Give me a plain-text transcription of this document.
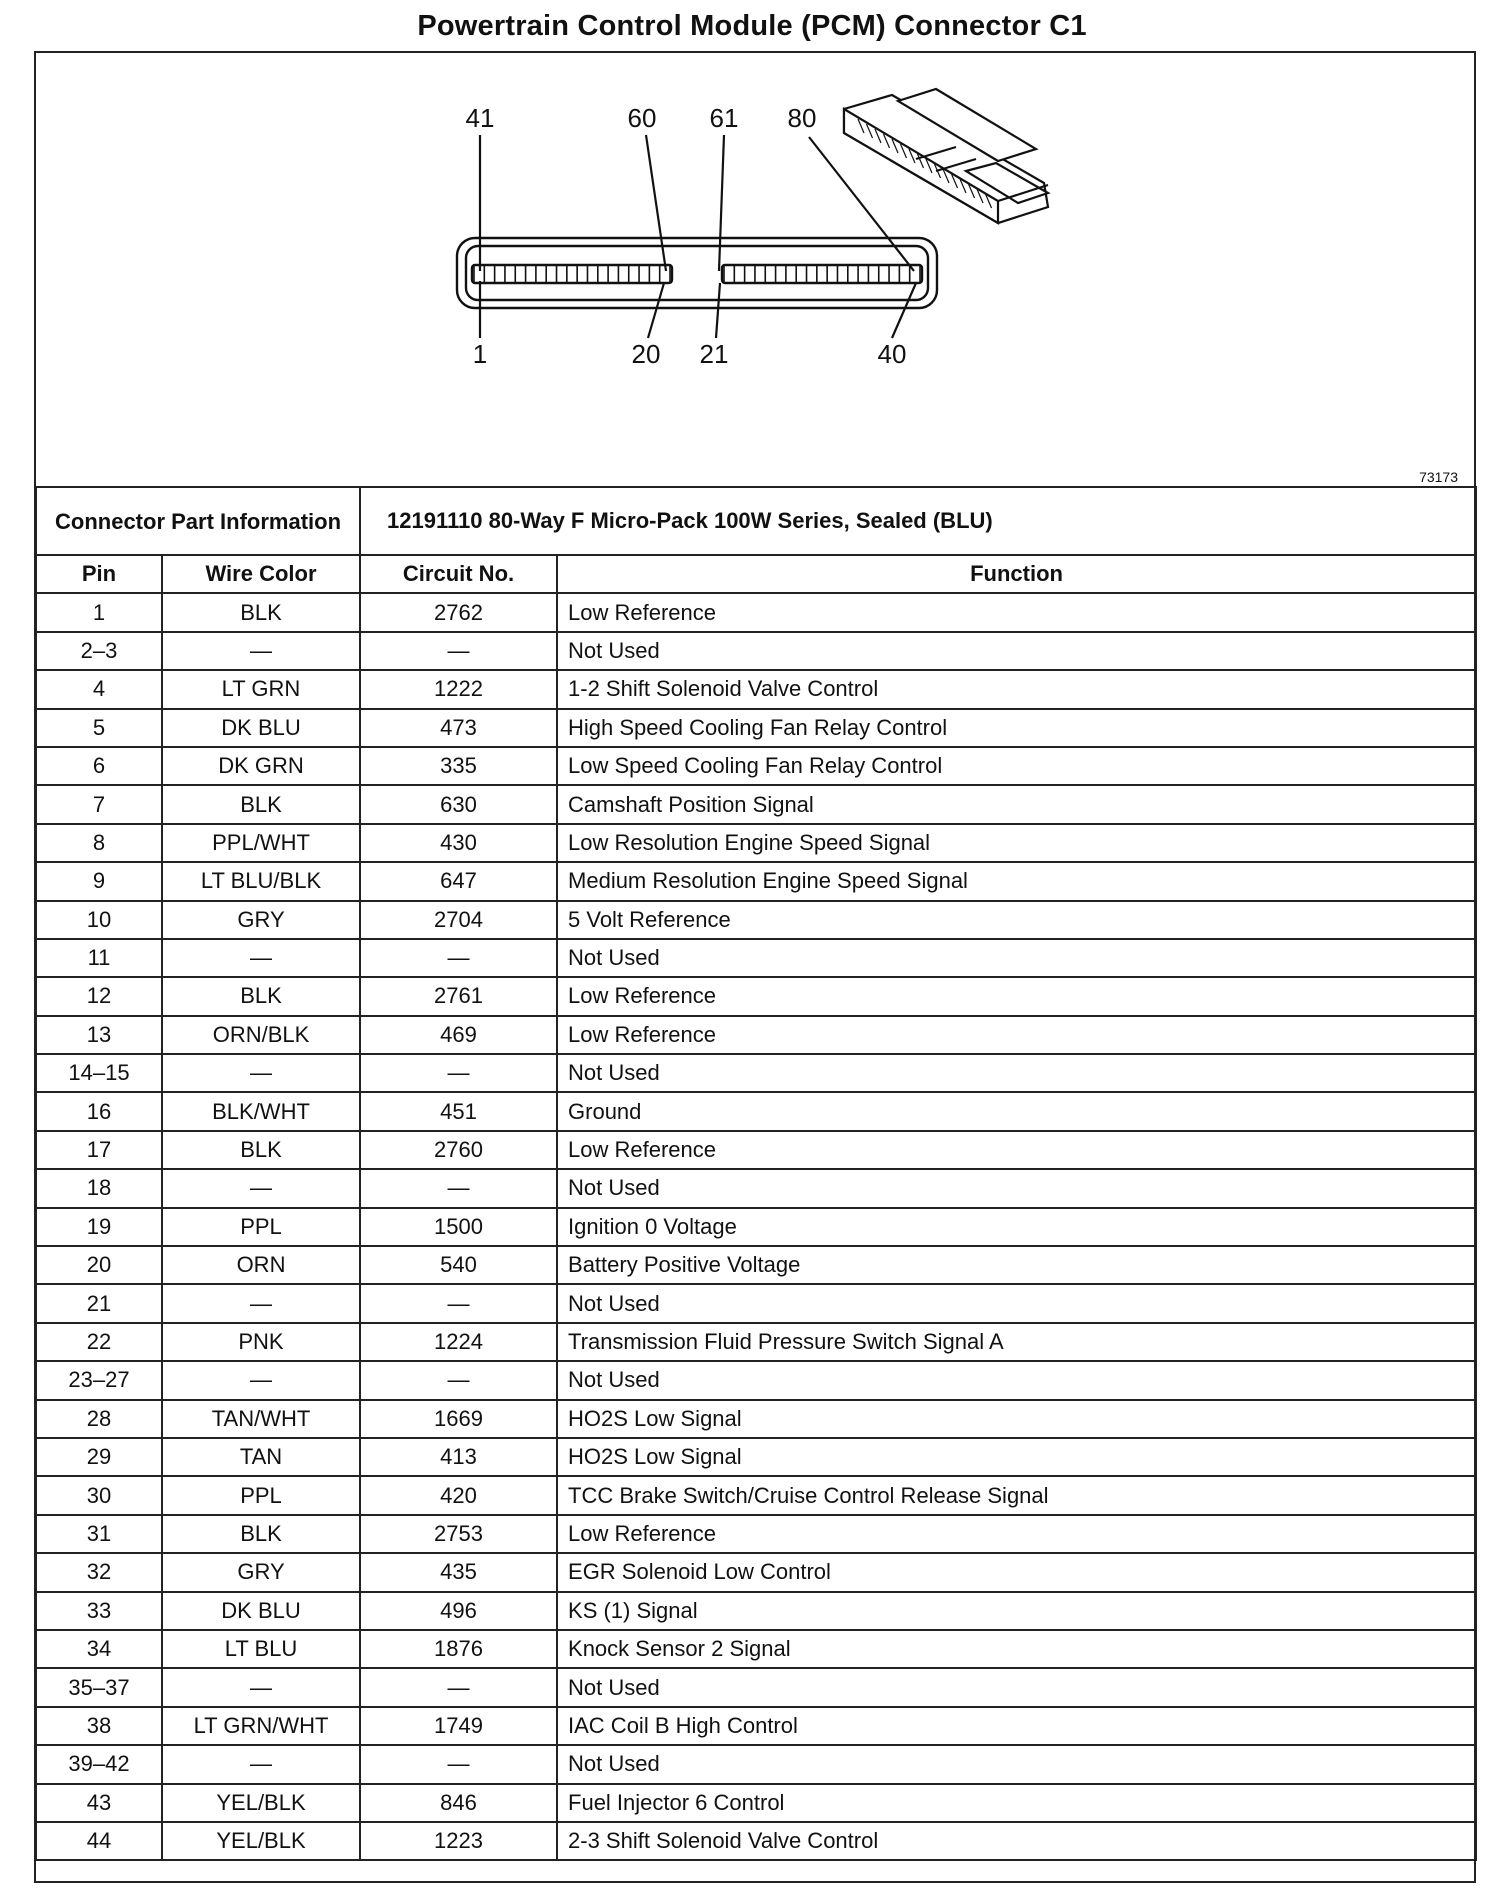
Powertrain Control Module (PCM) Connector C1
41	60 61 80
1	20 21	40
73173
Connector Part Information		12191110 80-Way F Micro-Pack 100W Series, Sealed (BLU)	
Pin	Wire Color	Circuit No.	Function
1	BLK	2762	Low Reference
2–3	—	—	Not Used
4	LT GRN	1222	1-2 Shift Solenoid Valve Control
5	DK BLU	473	High Speed Cooling Fan Relay Control
6	DK GRN	335	Low Speed Cooling Fan Relay Control
7	BLK	630	Camshaft Position Signal
8	PPL/WHT	430	Low Resolution Engine Speed Signal
9	LT BLU/BLK	647	Medium Resolution Engine Speed Signal
10	GRY	2704	5 Volt Reference
11	—	—	Not Used
12	BLK	2761	Low Reference
13	ORN/BLK	469	Low Reference
14–15	—	—	Not Used
16	BLK/WHT	451	Ground
17	BLK	2760	Low Reference
18	—	—	Not Used
19	PPL	1500	Ignition 0 Voltage
20	ORN	540	Battery Positive Voltage
21	—	—	Not Used
22	PNK	1224	Transmission Fluid Pressure Switch Signal A
23–27	—	—	Not Used
28	TAN/WHT	1669	HO2S Low Signal
29	TAN	413	HO2S Low Signal
30	PPL	420	TCC Brake Switch/Cruise Control Release Signal
31	BLK	2753	Low Reference
32	GRY	435	EGR Solenoid Low Control
33	DK BLU	496	KS (1) Signal
34	LT BLU	1876	Knock Sensor 2 Signal
35–37	—	—	Not Used
38	LT GRN/WHT	1749	IAC Coil B High Control
39–42	—	—	Not Used
43	YEL/BLK	846	Fuel Injector 6 Control
44	YEL/BLK	1223	2-3 Shift Solenoid Valve Control
